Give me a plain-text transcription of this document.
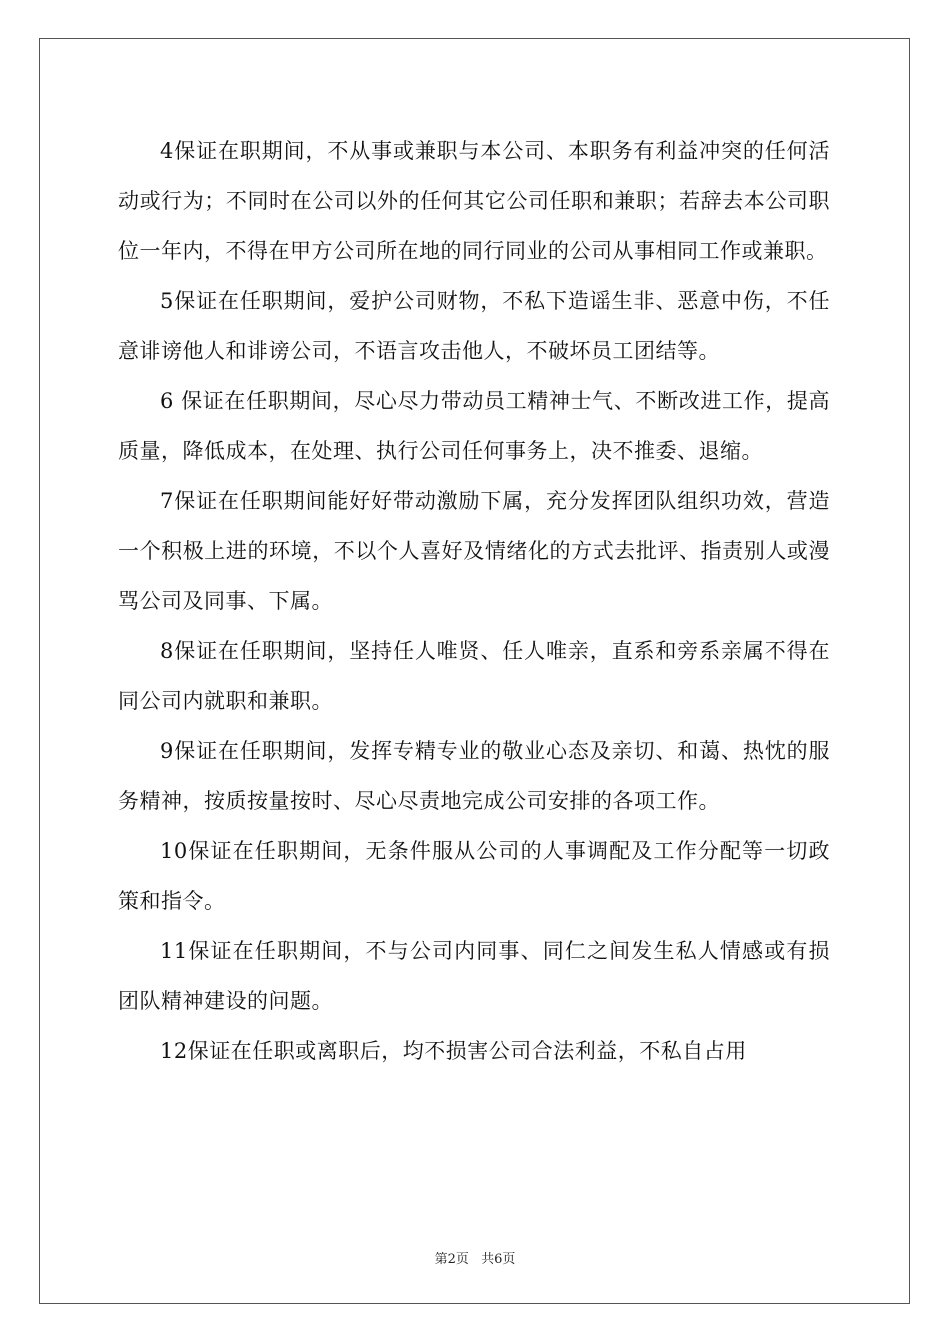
4保证在职期间，不从事或兼职与本公司、本职务有利益冲突的任何活动或行为；不同时在公司以外的任何其它公司任职和兼职；若辞去本公司职位一年内，不得在甲方公司所在地的同行同业的公司从事相同工作或兼职。

5保证在任职期间，爱护公司财物，不私下造谣生非、恶意中伤，不任意诽谤他人和诽谤公司，不语言攻击他人，不破坏员工团结等。

6 保证在任职期间，尽心尽力带动员工精神士气、不断改进工作，提高质量，降低成本，在处理、执行公司任何事务上，决不推委、退缩。

7保证在任职期间能好好带动激励下属，充分发挥团队组织功效，营造一个积极上进的环境，不以个人喜好及情绪化的方式去批评、指责别人或漫骂公司及同事、下属。

8保证在任职期间，坚持任人唯贤、任人唯亲，直系和旁系亲属不得在同公司内就职和兼职。

9保证在任职期间，发挥专精专业的敬业心态及亲切、和蔼、热忱的服务精神，按质按量按时、尽心尽责地完成公司安排的各项工作。

10保证在任职期间，无条件服从公司的人事调配及工作分配等一切政策和指令。

11保证在任职期间，不与公司内同事、同仁之间发生私人情感或有损团队精神建设的问题。

12保证在任职或离职后，均不损害公司合法利益，不私自占用

第2页 共6页
